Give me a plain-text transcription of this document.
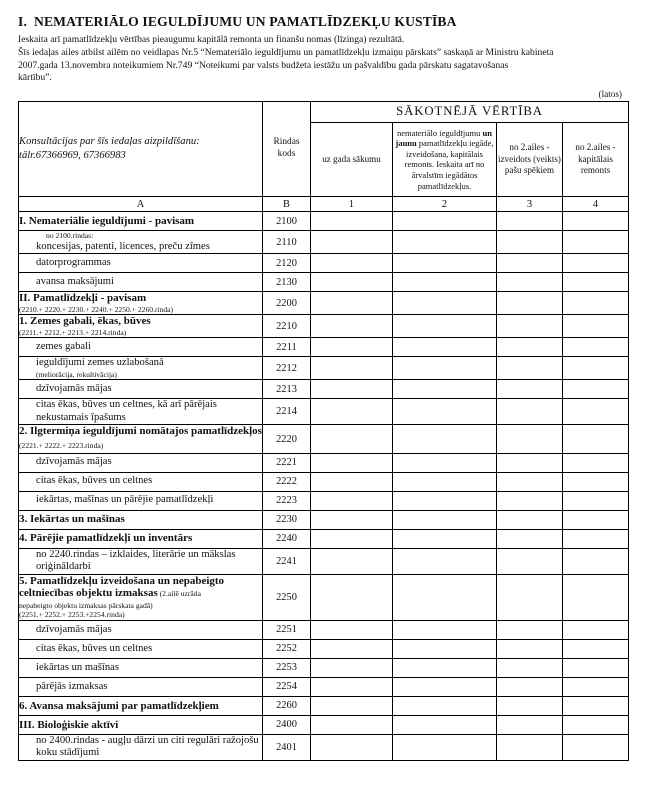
I. NEMATERIĀLO IEGULDĪJUMU UN PAMATLĪDZEKĻU KUSTĪBA

Ieskaita arī pamatlīdzekļu vērtības pieaugumu kapitālā remonta un finanšu nomas (līzinga) rezultātā.

Šīs iedaļas ailes atbilst ailēm no veidlapas Nr.5 “Nemateriālo ieguldījumu un pamatlīdzekļu izmaiņu pārskats” saskaņā ar Ministru kabineta

2007.gada 13.novembra noteikumiem Nr.749 “Noteikumi par valsts budžeta iestāžu un pašvaldību gada pārskatu sagatavošanas

kārtību”.

(latos)
Konsultācijas par šīs iedaļas aizpildīšanu:
tālr.67366969, 67366983

Rindas
kods
	SĀKOTNĒJĀ VĒRTĪBA
		uz gada sākumu	nemateriālo ieguldījumu un jaunu pamatlīdzekļu iegāde, izveidošana, kapitālais remonts. Ieskaita arī no ārvalstīm iegādātos pamatlīdzekļus.	no 2.ailes - izveidots (veikts) pašu spēkiem	no 2.ailes - kapitālais remonts
A	B	1	2	3	4
I. Nemateriālie ieguldījumi - pavisam	2100				

no 2100.rindas:
koncesijas, patenti, licences, preču zīmes	2110				
datorprogrammas	2120				
avansa maksājumi	2130				
II. Pamatlīdzekļi - pavisam
(2210.+ 2220.+ 2230.+ 2240.+ 2250.+ 2260.rinda)	2200				
1. Zemes gabali, ēkas, būves
(2211.+ 2212.+ 2213.+ 2214.rinda)	2210				
zemes gabali	2211				
ieguldījumi zemes uzlabošanā
(meliorācija, rekultivācija)	2212				
dzīvojamās mājas	2213				
citas ēkas, būves un celtnes, kā arī pārējais nekustamais īpašums	2214				
2. Ilgtermiņa ieguldījumi nomātajos pamatlīdzekļos (2221.+ 2222.+ 2223.rinda)	2220				
dzīvojamās mājas	2221				
citas ēkas, būves un celtnes	2222				
iekārtas, mašīnas un pārējie pamatlīdzekļi	2223				
3. Iekārtas un mašīnas	2230				
4. Pārējie pamatlīdzekļi un inventārs	2240				
no 2240.rindas – izklaides, literārie un mākslas oriģināldarbi	2241				
5. Pamatlīdzekļu izveidošana un nepabeigto celtniecības objektu izmaksas (2.ailē uzrāda
nepabeigto objektu izmaksas pārskata gadā)
(2251.+ 2252.+ 2253.+2254.rinda)	2250				
dzīvojamās mājas	2251				
citas ēkas, būves un celtnes	2252				
iekārtas un mašīnas	2253				
pārējās izmaksas	2254				
6. Avansa maksājumi par pamatlīdzekļiem	2260				
III. Bioloģiskie aktīvi	2400				
no 2400.rindas - augļu dārzi un citi regulāri ražojošu koku stādījumi	2401				
